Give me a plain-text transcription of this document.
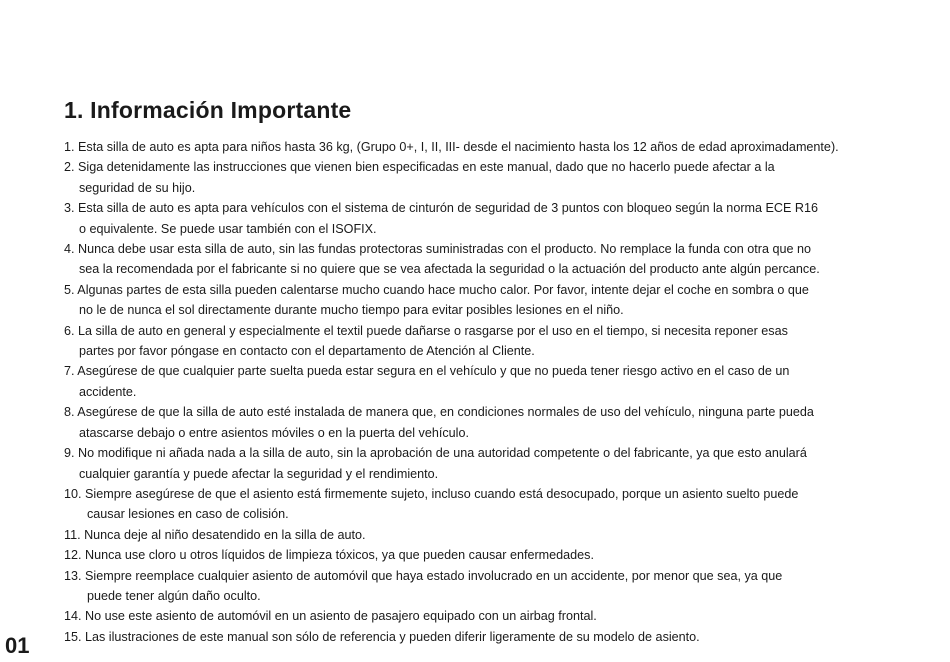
1. Información Importante
1. Esta silla de auto es apta para niños hasta 36 kg, (Grupo 0+, I, II, III- desde el nacimiento hasta los 12 años de edad aproximadamente).
2. Siga detenidamente las instrucciones que vienen bien especificadas en este manual, dado que no hacerlo puede afectar a la
seguridad de su hijo.
3. Esta silla de auto es apta para vehículos con el sistema de cinturón de seguridad de 3 puntos con bloqueo según la norma ECE R16
o equivalente. Se puede usar también con el ISOFIX.
4. Nunca debe usar esta silla de auto, sin las fundas protectoras suministradas con el producto. No remplace la funda con otra que no
sea la recomendada por el fabricante si no quiere que se vea afectada la seguridad o la actuación del producto ante algún percance.
5. Algunas partes de esta silla pueden calentarse mucho cuando hace mucho calor. Por favor, intente dejar el coche en sombra o que
no le de nunca el sol directamente durante mucho tiempo para evitar posibles lesiones en el niño.
6. La silla de auto en general y especialmente el textil puede dañarse o rasgarse por el uso en el tiempo, si necesita reponer esas
partes por favor póngase en contacto con el departamento de Atención al Cliente.
7. Asegúrese de que cualquier parte suelta pueda estar segura en el vehículo y que no pueda tener riesgo activo en el caso de un
accidente.
8. Asegúrese de que la silla de auto esté instalada de manera que, en condiciones normales de uso del vehículo, ninguna parte pueda
atascarse debajo o entre asientos móviles o en la puerta del vehículo.
9. No modifique ni añada nada a la silla de auto, sin la aprobación de una autoridad competente o del fabricante, ya que esto anulará
cualquier garantía y puede afectar la seguridad y el rendimiento.
10. Siempre asegúrese de que el asiento está firmemente sujeto, incluso cuando está desocupado, porque un asiento suelto puede
causar lesiones en caso de colisión.
11. Nunca deje al niño desatendido en la silla de auto.
12. Nunca use cloro u otros líquidos de limpieza tóxicos, ya que pueden causar enfermedades.
13. Siempre reemplace cualquier asiento de automóvil que haya estado involucrado en un accidente, por menor que sea, ya que
puede tener algún daño oculto.
14. No use este asiento de automóvil en un asiento de pasajero equipado con un airbag frontal.
15. Las ilustraciones de este manual son sólo de referencia y pueden diferir ligeramente de su modelo de asiento.
01
